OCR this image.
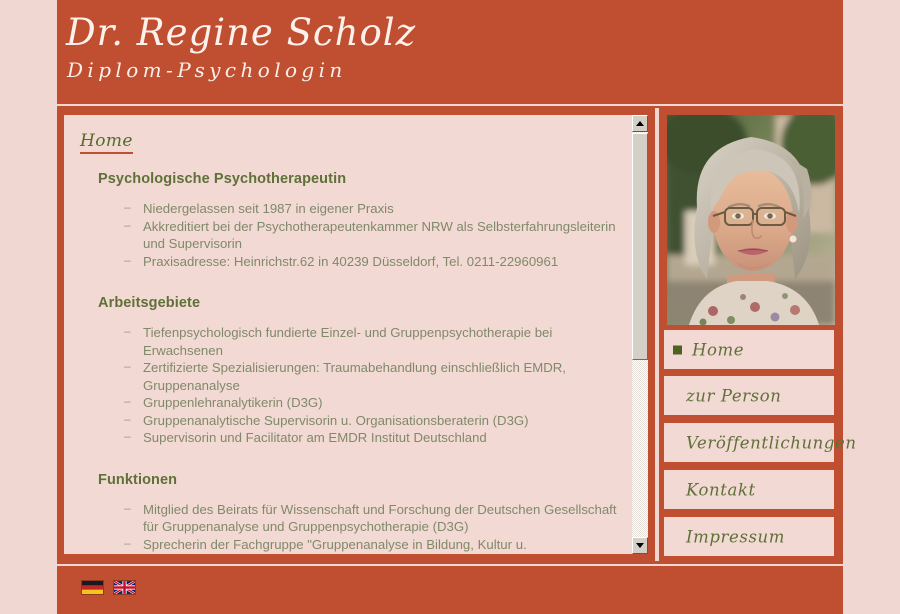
Dr. Regine Scholz
Diplom-Psychologin
Home
Psychologische Psychotherapeutin
– Niedergelassen seit 1987 in eigener Praxis
– Akkreditiert bei der Psychotherapeutenkammer NRW als Selbsterfahrungsleiterin und Supervisorin
– Praxisadresse: Heinrichstr.62 in 40239 Düsseldorf, Tel. 0211-22960961
Arbeitsgebiete
– Tiefenpsychologisch fundierte Einzel- und Gruppenpsychotherapie bei Erwachsenen
– Zertifizierte Spezialisierungen: Traumabehandlung einschließlich EMDR, Gruppenanalyse
– Gruppenlehranalytikerin (D3G)
– Gruppenanalytische Supervisorin u. Organisationsberaterin (D3G)
– Supervisorin und Facilitator am EMDR Institut Deutschland
Funktionen
– Mitglied des Beirats für Wissenschaft und Forschung der Deutschen Gesellschaft für Gruppenanalyse und Gruppenpsychotherapie (D3G)
– Sprecherin der Fachgruppe "Gruppenanalyse in Bildung, Kultur u.
Home
zur Person
Veröffentlichungen
Kontakt
Impressum
